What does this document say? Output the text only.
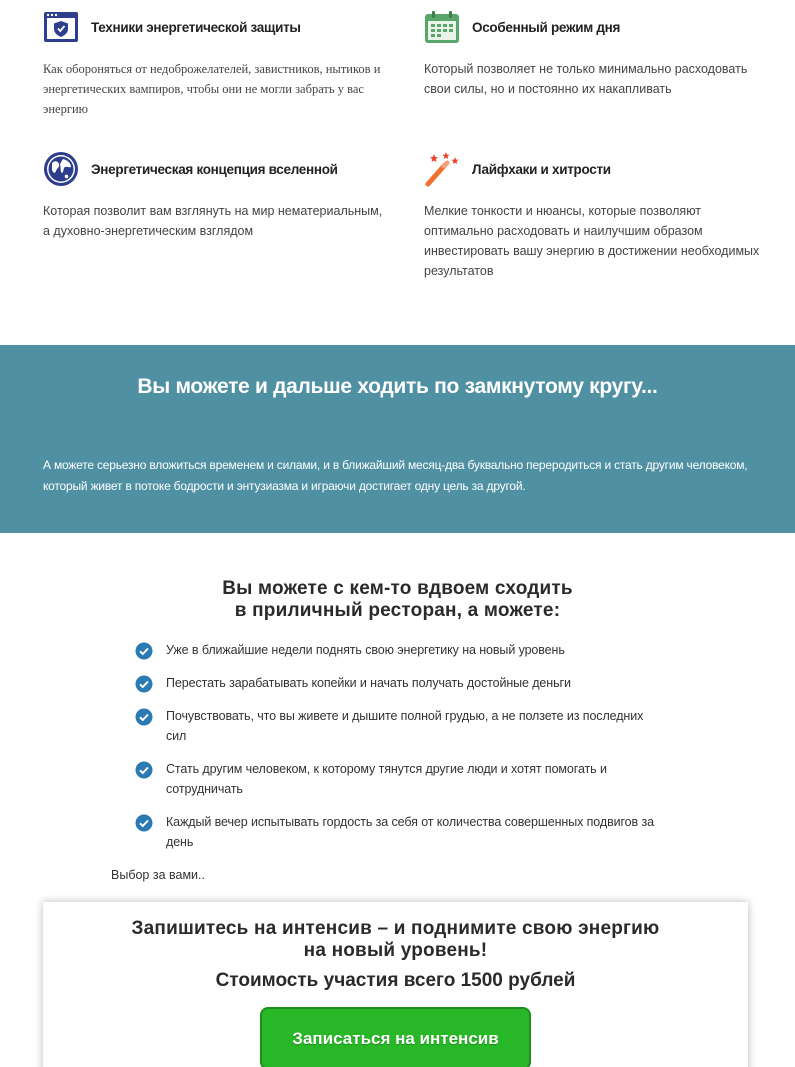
Техники энергетической защиты

Как обороняться от недоброжелателей, завистников, нытиков и энергетических вампиров, чтобы они не могли забрать у вас энергию

Особенный режим дня

Который позволяет не только минимально расходовать свои силы, но и постоянно их накапливать

Энергетическая концепция вселенной

Которая позволит вам взглянуть на мир нематериальным, а духовно-энергетическим взглядом

Лайфхаки и хитрости

Мелкие тонкости и нюансы, которые позволяют оптимально расходовать и наилучшим образом инвестировать вашу энергию в достижении необходимых результатов

Вы можете и дальше ходить по замкнутому кругу...
А можете серьезно вложиться временем и силами, и в ближайший месяц-два буквально переродиться и стать другим человеком, который живет в потоке бодрости и энтузиазма и играючи достигает одну цель за другой.
Вы можете с кем-то вдвоем сходить
в приличный ресторан, а можете:
Уже в ближайшие недели поднять свою энергетику на новый уровень
Перестать зарабатывать копейки и начать получать достойные деньги
Почувствовать, что вы живете и дышите полной грудью, а не ползете из последних сил
Стать другим человеком, к которому тянутся другие люди и хотят помогать и сотрудничать
Каждый вечер испытывать гордость за себя от количества совершенных подвигов за день
Выбор за вами..
Запишитесь на интенсив – и поднимите свою энергию
на новый уровень!
Стоимость участия всего 1500 рублей
Записаться на интенсив
